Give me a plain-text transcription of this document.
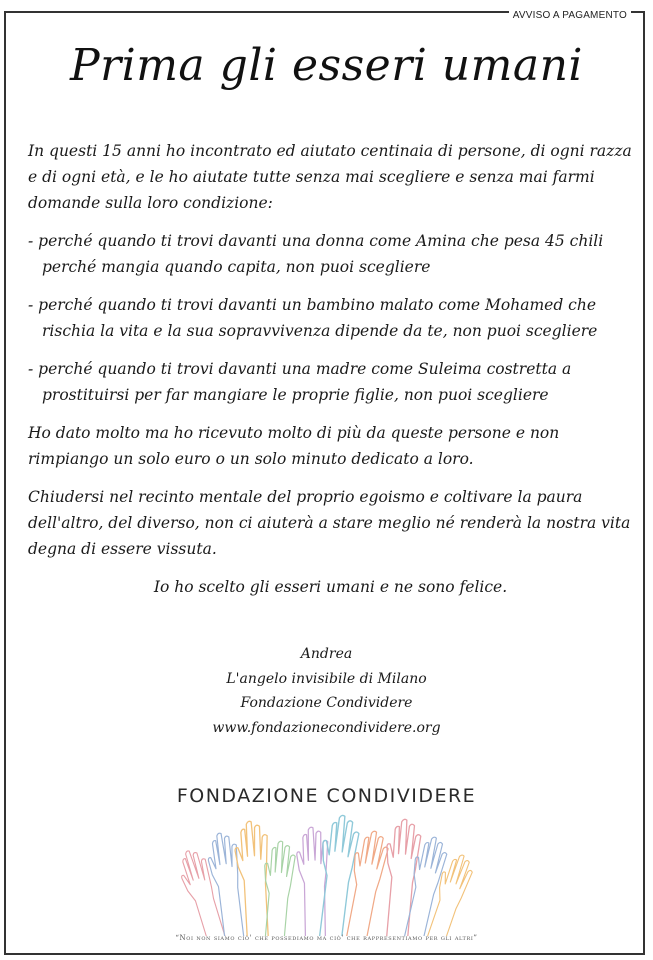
AVVISO A PAGAMENTO
Prima gli esseri umani

In questi 15 anni ho incontrato ed aiutato centinaia di persone, di ogni razza e di ogni età, e le ho aiutate tutte senza mai scegliere e senza mai farmi domande sulla loro condizione:

- perché quando ti trovi davanti una donna come Amina che pesa 45 chili perché mangia quando capita, non puoi scegliere

- perché quando ti trovi davanti un bambino malato come Mohamed che rischia la vita e la sua sopravvivenza dipende da te, non puoi scegliere

- perché quando ti trovi davanti una madre come Suleima costretta a prostituirsi per far mangiare le proprie figlie, non puoi scegliere

Ho dato molto ma ho ricevuto molto di più da queste persone e non rimpiango un solo euro o un solo minuto dedicato a loro.

Chiudersi nel recinto mentale del proprio egoismo e coltivare la paura dell'altro, del diverso, non ci aiuterà a stare meglio né renderà la nostra vita degna di essere vissuta.

Io ho scelto gli esseri umani e ne sono felice.

Andrea
L'angelo invisibile di Milano
Fondazione Condividere
www.fondazionecondividere.org
FONDAZIONE CONDIVIDERE
“Noi non siamo ciò' che possediamo ma ciò' che rappresentiamo per gli altri”
